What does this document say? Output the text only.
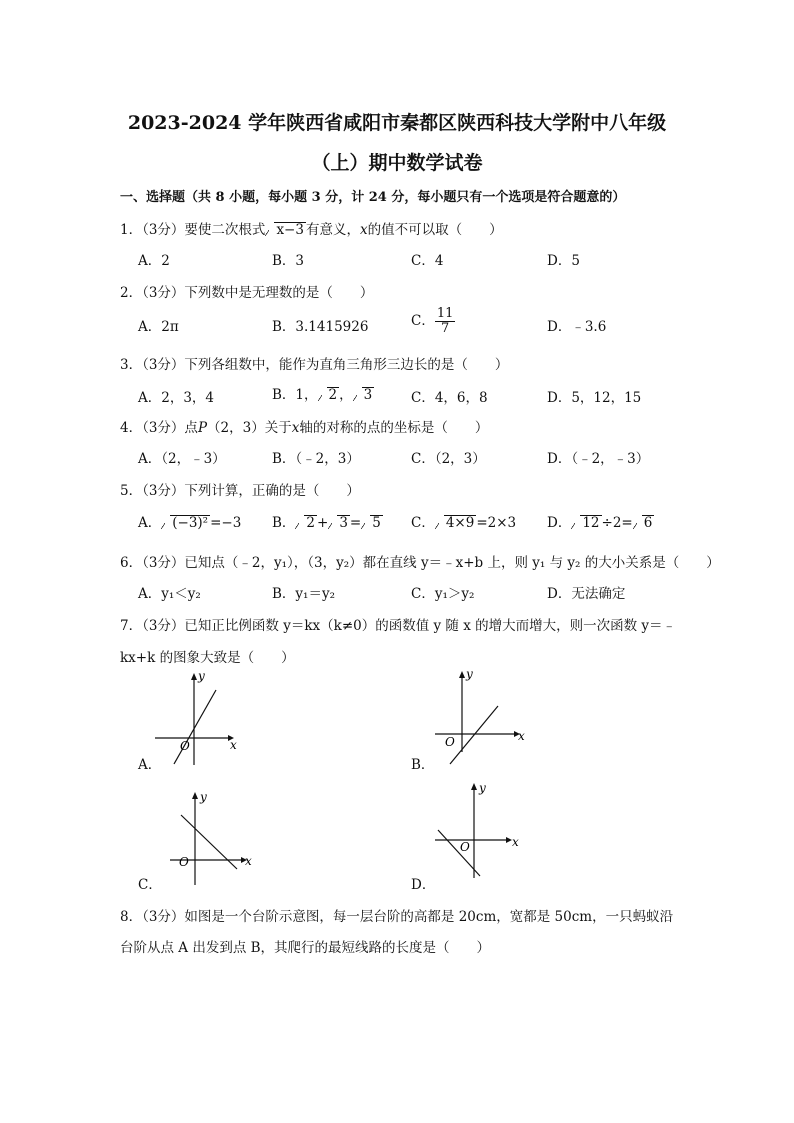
2023-2024 学年陕西省咸阳市秦都区陕西科技大学附中八年级
（上）期中数学试卷
一、选择题（共 8 小题，每小题 3 分，计 24 分，每小题只有一个选项是符合题意的）
1．（3分）要使二次根式 x−3 有意义，x的值不可以取（　　）
A．2	B．3	C．4	D．5
2．（3分）下列数中是无理数的是（　　）
A．2π	B．3.1415926	C． $\frac{11}{7}$	D．﹣3.6
3．（3分）下列各组数中，能作为直角三角形三边长的是（　　）
A．2，3，4	B．1， 2 ， 3	C．4，6，8	D．5，12，15
4．（3分）点P（2，3）关于x轴的对称的点的坐标是（　　）
A．（2，﹣3）	B．（﹣2，3）	C．（2，3）	D．（﹣2，﹣3）
5．（3分）下列计算，正确的是（　　）
A． (−3)² =−3 B． 2 + 3 = 5 C． 4×9 =2×3 D． 12 ÷2= 6
6．（3分）已知点（﹣2，y₁），（3，y₂）都在直线 y＝﹣x+b 上，则 y₁ 与 y₂ 的大小关系是（　　）
A．y₁＜y₂	B．y₁＝y₂	C．y₁＞y₂	D．无法确定
7．（3分）已知正比例函数 y＝kx（k≠0）的函数值 y 随 x 的增大而增大，则一次函数 y＝﹣
kx+k 的图象大致是（　　）
x
y
O
A．
x
y
O
B．
x
y
O
C．
x
y
O
D．
8．（3分）如图是一个台阶示意图，每一层台阶的高都是 20cm，宽都是 50cm，一只蚂蚁沿
台阶从点 A 出发到点 B，其爬行的最短线路的长度是（　　）
